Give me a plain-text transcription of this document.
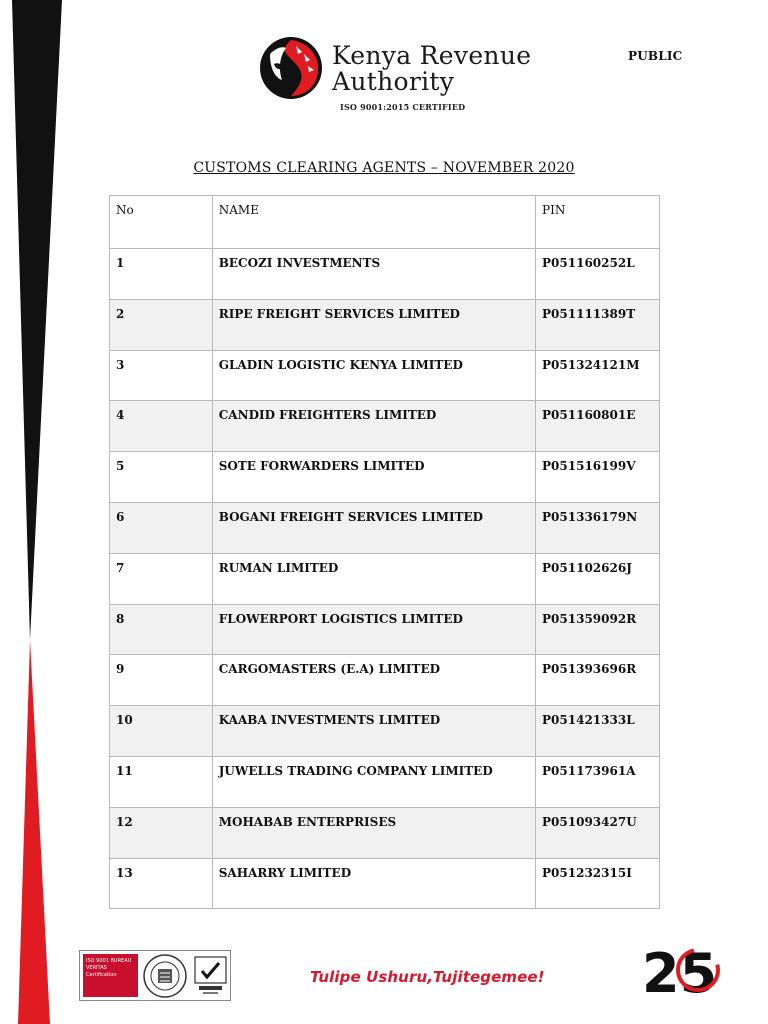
Kenya Revenue
Authority
ISO 9001:2015 CERTIFIED
PUBLIC
CUSTOMS CLEARING AGENTS – NOVEMBER 2020
No	NAME	PIN
1	BECOZI INVESTMENTS	P051160252L
2	RIPE FREIGHT SERVICES LIMITED	P051111389T
3	GLADIN LOGISTIC KENYA LIMITED	P051324121M
4	CANDID FREIGHTERS LIMITED	P051160801E
5	SOTE FORWARDERS LIMITED	P051516199V
6	BOGANI FREIGHT SERVICES LIMITED	P051336179N
7	RUMAN LIMITED	P051102626J
8	FLOWERPORT LOGISTICS LIMITED	P051359092R
9	CARGOMASTERS (E.A) LIMITED	P051393696R
10	KAABA INVESTMENTS LIMITED	P051421333L
11	JUWELLS TRADING COMPANY LIMITED	P051173961A
12	MOHABAB ENTERPRISES	P051093427U
13	SAHARRY LIMITED	P051232315I
ISO 9001 BUREAU VERITAS Certification	Tulipe Ushuru,Tujitegemee! 25
